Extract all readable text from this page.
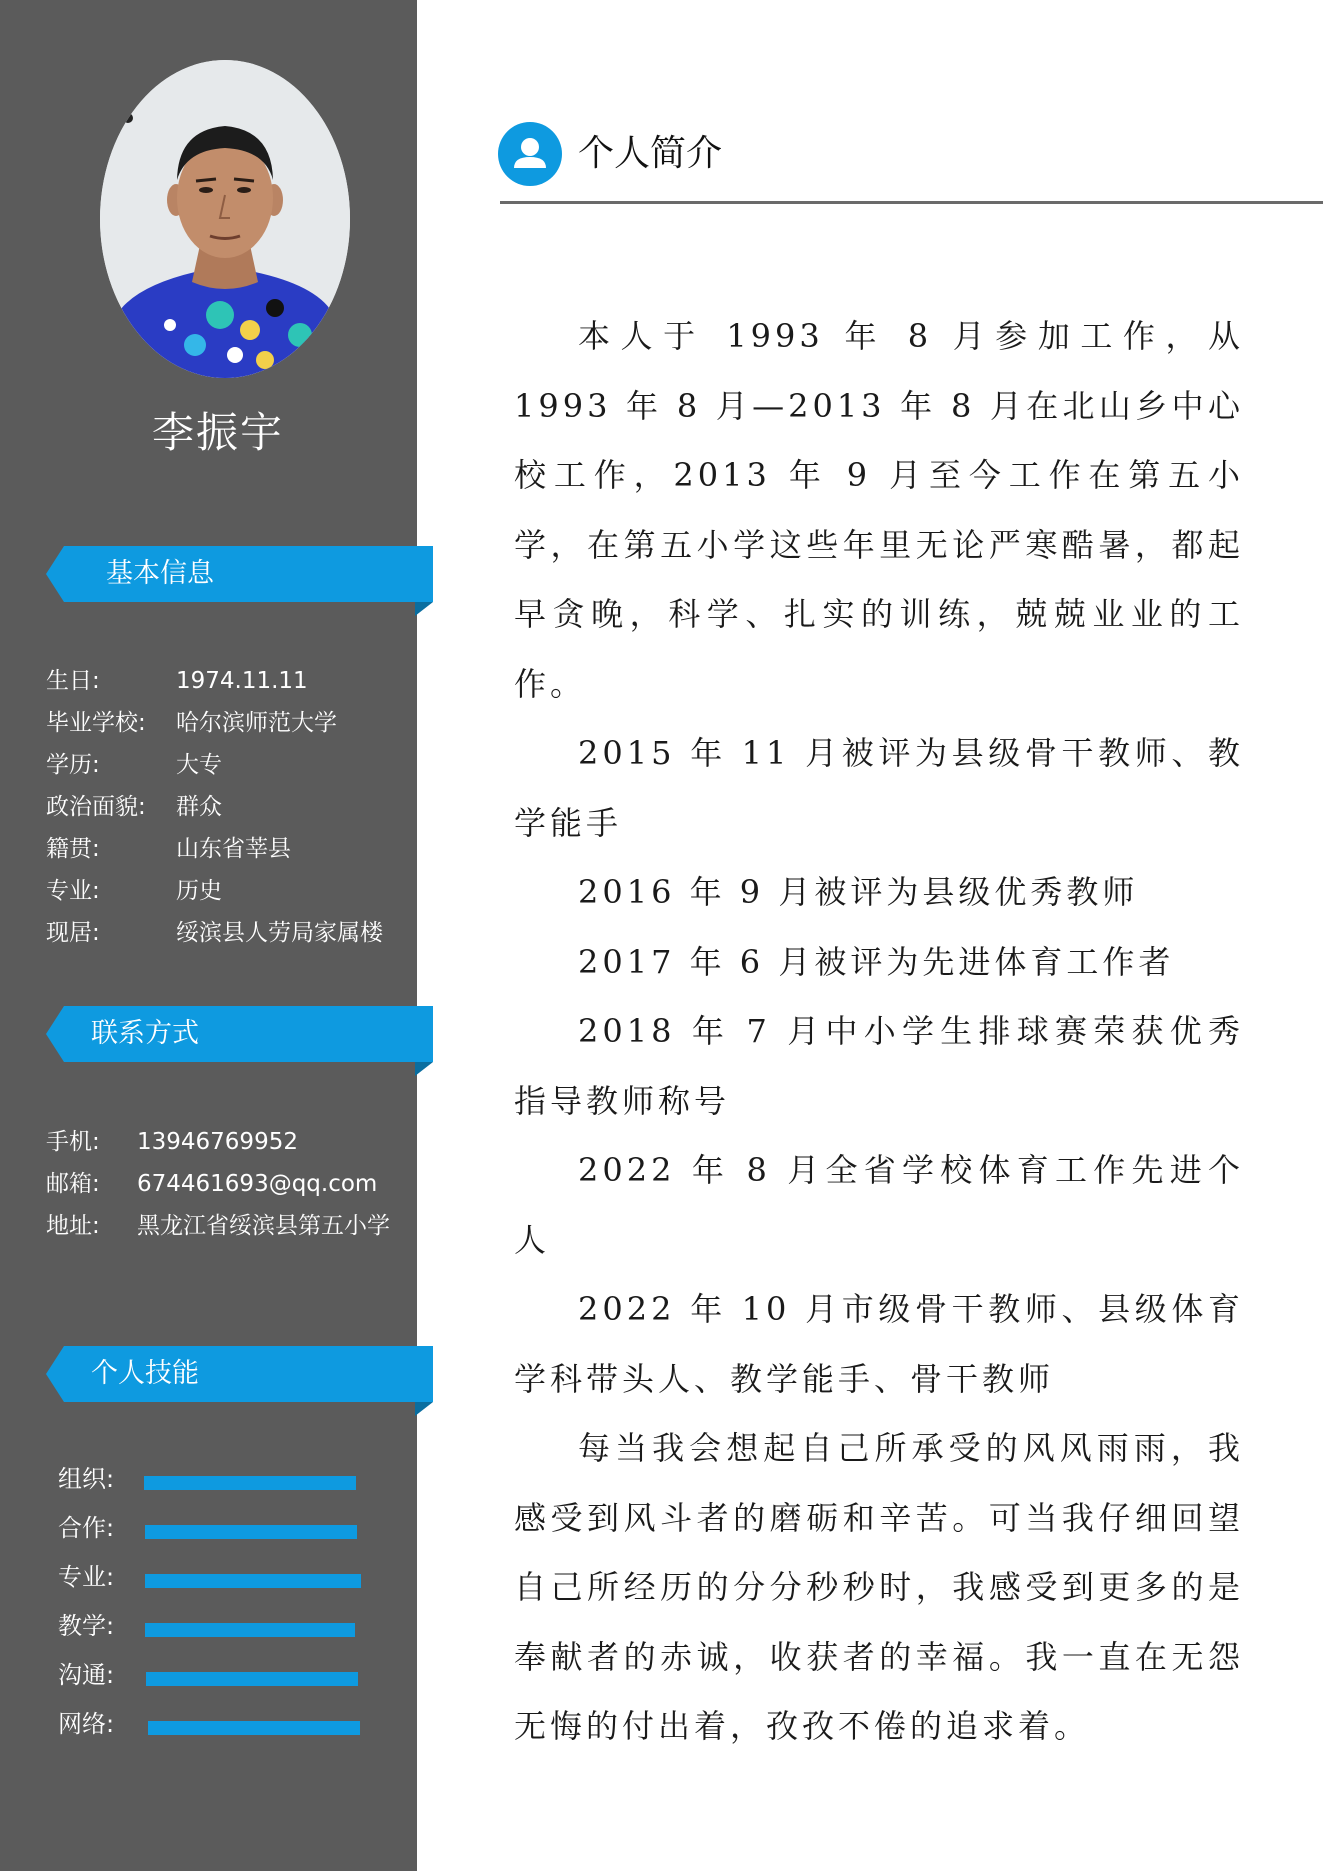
李振宇
基本信息
生日:	1974.11.11
毕业学校: 哈尔滨师范大学
学历:	大专
政治面貌: 群众
籍贯:	山东省莘县
专业:	历史
现居:	绥滨县人劳局家属楼
联系方式
手机: 13946769952
邮箱: 674461693@qq.com
地址: 黑龙江省绥滨县第五小学
个人技能
组织:
合作:
专业:
教学:
沟通:
网络:
个人简介

本人于 1993 年 8 月参加工作，从 1993 年 8 月—2013 年 8 月在北山乡中心校工作，2013 年 9 月至今工作在第五小学，在第五小学这些年里无论严寒酷暑，都起早贪晚，科学、扎实的训练，兢兢业业的工作。

2015 年 11 月被评为县级骨干教师、教学能手

2016 年 9 月被评为县级优秀教师

2017 年 6 月被评为先进体育工作者

2018 年 7 月中小学生排球赛荣获优秀指导教师称号

2022 年 8 月全省学校体育工作先进个人

2022 年 10 月市级骨干教师、县级体育学科带头人、教学能手、骨干教师

每当我会想起自己所承受的风风雨雨，我感受到风斗者的磨砺和辛苦。可当我仔细回望自己所经历的分分秒秒时，我感受到更多的是奉献者的赤诚，收获者的幸福。我一直在无怨无悔的付出着，孜孜不倦的追求着。
